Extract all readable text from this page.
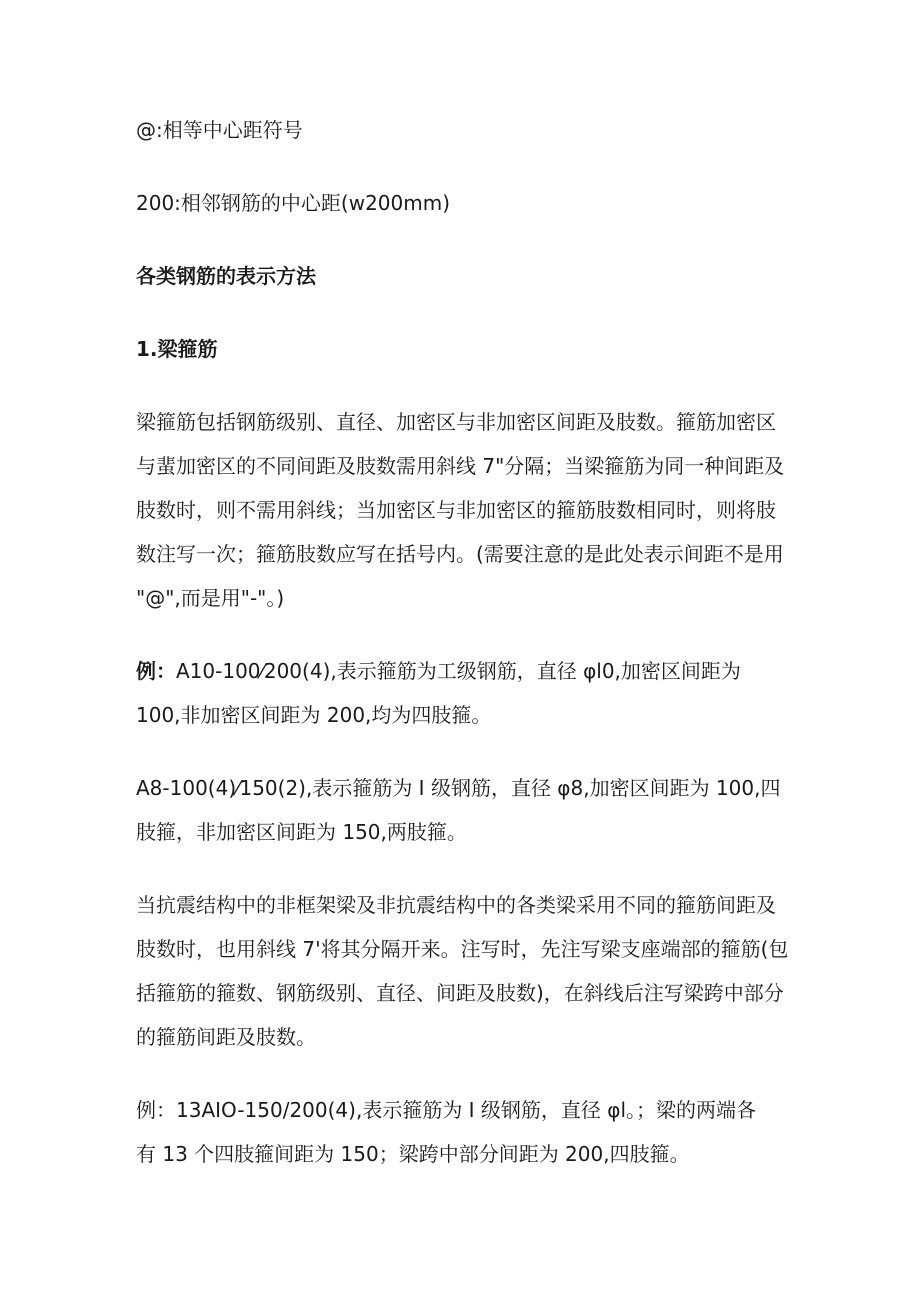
@:相等中心距符号

200:相邻钢筋的中心距(w200mm)

各类钢筋的表示方法

1.梁箍筋

梁箍筋包括钢筋级别、直径、加密区与非加密区间距及肢数。箍筋加密区
与蜚加密区的不同间距及肢数需用斜线 7"分隔；当梁箍筋为同一种间距及
肢数时，则不需用斜线；当加密区与非加密区的箍筋肢数相同时，则将肢
数注写一次；箍筋肢数应写在括号内。(需要注意的是此处表示间距不是用
"@",而是用"-"。)
例：A10-100⁄200(4),表示箍筋为工级钢筋，直径 φl0,加密区间距为
100,非加密区间距为 200,均为四肢箍。
A8-100(4)⁄150(2),表示箍筋为 I 级钢筋，直径 φ8,加密区间距为 100,四
肢箍，非加密区间距为 150,两肢箍。
当抗震结构中的非框架梁及非抗震结构中的各类梁采用不同的箍筋间距及
肢数时，也用斜线 7'将其分隔开来。注写时，先注写梁支座端部的箍筋(包
括箍筋的箍数、钢筋级别、直径、间距及肢数)，在斜线后注写梁跨中部分
的箍筋间距及肢数。
例：13AIO-150/200(4),表示箍筋为 I 级钢筋，直径 φl。；梁的两端各
有 13 个四肢箍间距为 150；梁跨中部分间距为 200,四肢箍。
